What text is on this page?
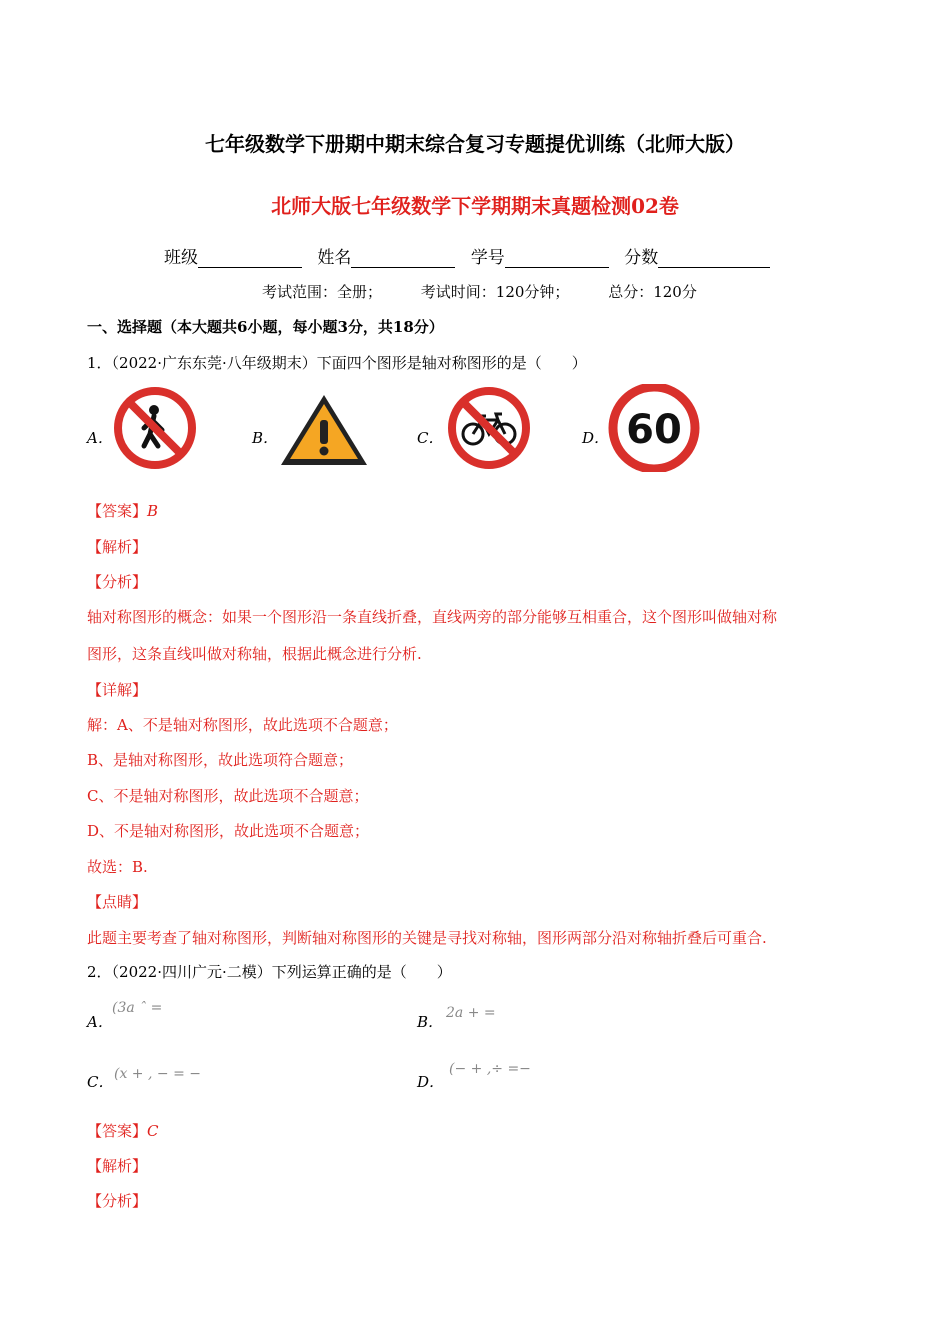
七年级数学下册期中期末综合复习专题提优训练（北师大版）
北师大版七年级数学下学期期末真题检测02卷
班级	姓名	学号	分数
考试范围：全册；	考试时间：120分钟；	总分：120分
一、选择题（本大题共6小题，每小题3分，共18分）
1．（2022·广东东莞·八年级期末）下面四个图形是轴对称图形的是（　　）
A．	B．	C．	D． 60
【答案】B
【解析】
【分析】
轴对称图形的概念：如果一个图形沿一条直线折叠，直线两旁的部分能够互相重合，这个图形叫做轴对称
图形，这条直线叫做对称轴，根据此概念进行分析.
【详解】
解：A、不是轴对称图形，故此选项不合题意；
B、是轴对称图形，故此选项符合题意；
C、不是轴对称图形，故此选项不合题意；
D、不是轴对称图形，故此选项不合题意；
故选：B.
【点睛】
此题主要考查了轴对称图形，判断轴对称图形的关键是寻找对称轴，图形两部分沿对称轴折叠后可重合.
2．（2022·四川广元·二模）下列运算正确的是（　　）
A．
(3a ˆ =
B． 2a + =
C． (x + , − = −	D．
(− + ,÷ =−
【答案】C
【解析】
【分析】
